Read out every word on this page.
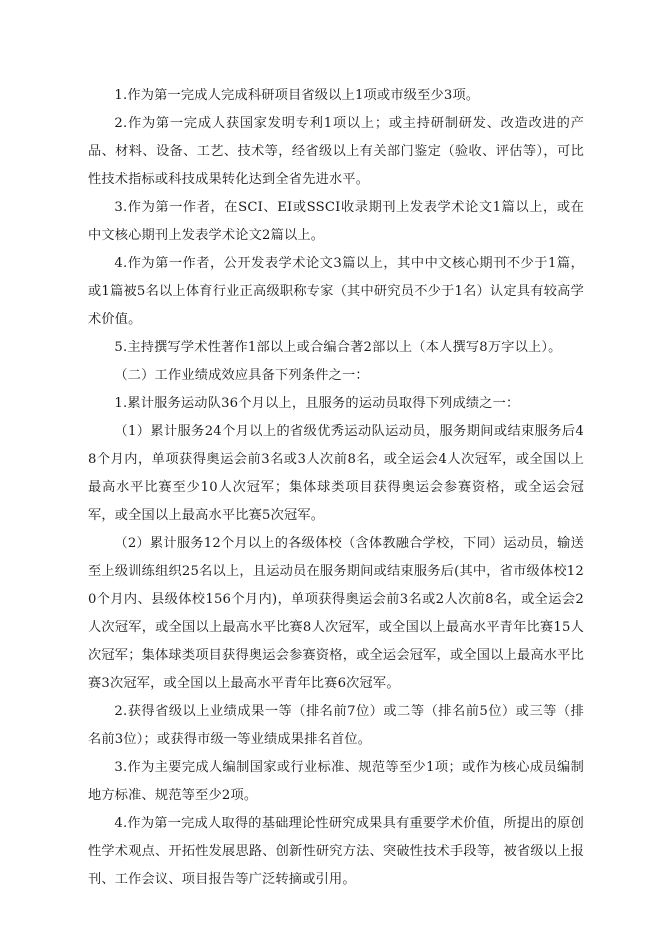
1.作为第一完成人完成科研项目省级以上1项或市级至少3项。

2.作为第一完成人获国家发明专利1项以上；或主持研制研发、改造改进的产品、材料、设备、工艺、技术等，经省级以上有关部门鉴定（验收、评估等），可比性技术指标或科技成果转化达到全省先进水平。

3.作为第一作者，在SCI、EI或SSCI收录期刊上发表学术论文1篇以上，或在中文核心期刊上发表学术论文2篇以上。

4.作为第一作者，公开发表学术论文3篇以上，其中中文核心期刊不少于1篇，或1篇被5名以上体育行业正高级职称专家（其中研究员不少于1名）认定具有较高学术价值。

5.主持撰写学术性著作1部以上或合编合著2部以上（本人撰写8万字以上）。

（二）工作业绩成效应具备下列条件之一：

1.累计服务运动队36个月以上，且服务的运动员取得下列成绩之一：

（1）累计服务24个月以上的省级优秀运动队运动员，服务期间或结束服务后48个月内，单项获得奥运会前3名或3人次前8名，或全运会4人次冠军，或全国以上最高水平比赛至少10人次冠军；集体球类项目获得奥运会参赛资格，或全运会冠军，或全国以上最高水平比赛5次冠军。

（2）累计服务12个月以上的各级体校（含体教融合学校，下同）运动员，输送至上级训练组织25名以上，且运动员在服务期间或结束服务后(其中，省市级体校120个月内、县级体校156个月内)，单项获得奥运会前3名或2人次前8名，或全运会2人次冠军，或全国以上最高水平比赛8人次冠军，或全国以上最高水平青年比赛15人次冠军；集体球类项目获得奥运会参赛资格，或全运会冠军，或全国以上最高水平比赛3次冠军，或全国以上最高水平青年比赛6次冠军。

2.获得省级以上业绩成果一等（排名前7位）或二等（排名前5位）或三等（排名前3位）；或获得市级一等业绩成果排名首位。

3.作为主要完成人编制国家或行业标准、规范等至少1项；或作为核心成员编制地方标准、规范等至少2项。

4.作为第一完成人取得的基础理论性研究成果具有重要学术价值，所提出的原创性学术观点、开拓性发展思路、创新性研究方法、突破性技术手段等，被省级以上报刊、工作会议、项目报告等广泛转摘或引用。
